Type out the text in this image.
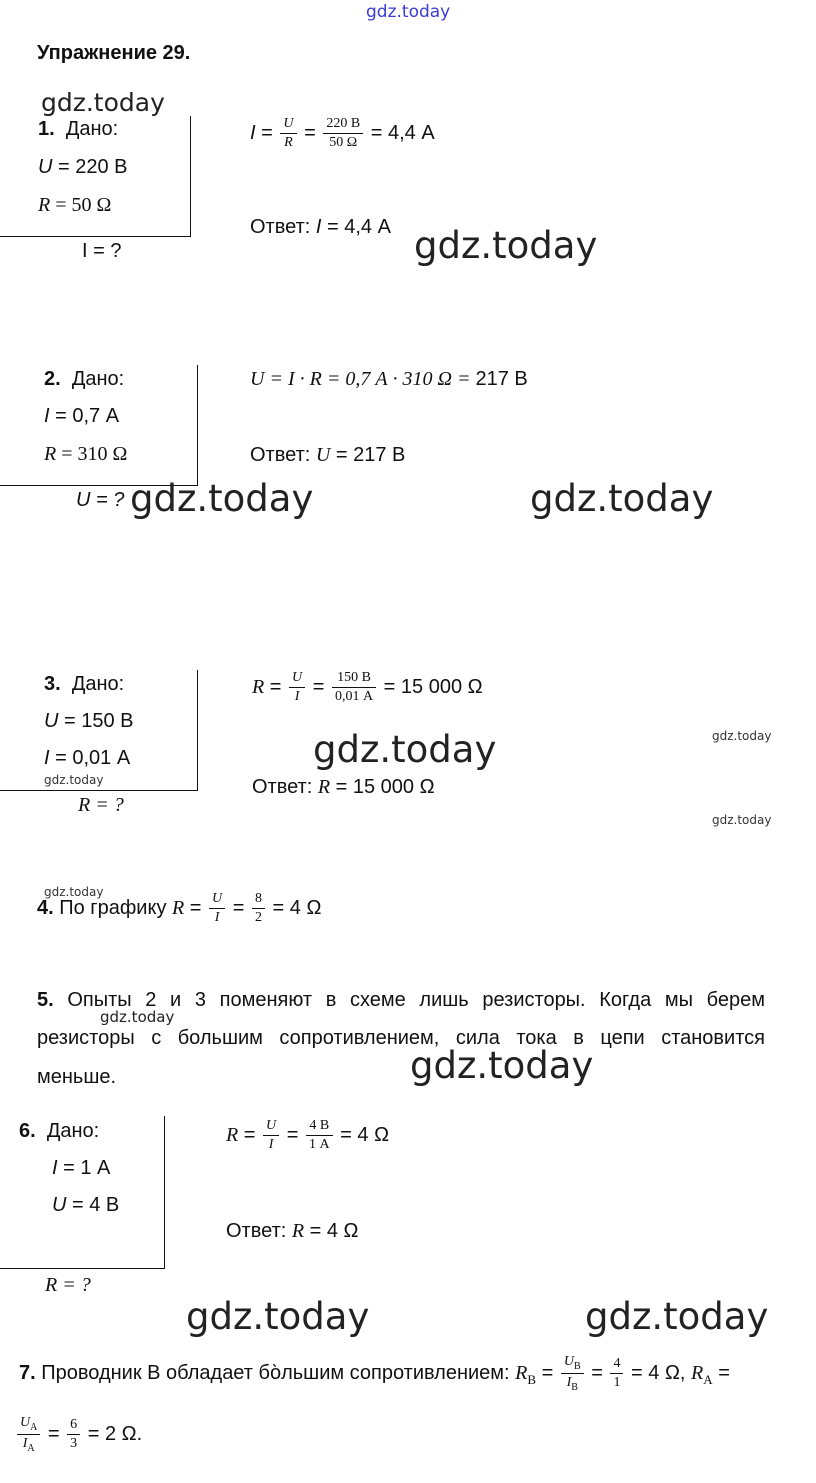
gdz.today
Упражнение 29.
gdz.today
1. Дано:
U = 220 В
R = 50 Ω
I = ?
$I = \frac{U}{R} = \frac{220 В}{50 \Omega} = 4,4$ А
Ответ: I = 4,4 А gdz.today
2. Дано:
I = 0,7 А
R = 310 Ω
U = ? gdz.today	gdz.today
U = I · R = 0,7 А · 310 Ω = 217 В
Ответ: U = 217 В
3. Дано:
U = 150 В
I = 0,01 А
gdz.today
R = ?
$R = \frac{U}{I} = \frac{150 В}{0,01 А} = 15$ 000 Ω
gdz.today	gdz.today
Ответ: R = 15 000 Ω
gdz.today
gdz.today
4. По графику $R = \frac{U}{I} = \frac{8}{2} = 4$ Ω
5. Опыты 2 и 3 поменяют в схеме лишь резисторы. Когда мы берем
gdz.today
резисторы с большим сопротивлением, сила тока в цепи становится
gdz.today
меньше.
6. Дано:
I = 1 А
U = 4 В
R = ?
$R = \frac{U}{I} = \frac{4 В}{1 А} = 4$ Ω
Ответ: R = 4 Ω
gdz.today	gdz.today
7. Проводник В обладает бо̀льшим сопротивлением: $R_B = \frac{U_B}{I_B} = \frac{4}{1} = 4$ Ω, $R_A$ =
$\frac{U_A}{I_A} = \frac{6}{3} = 2$ Ω.
